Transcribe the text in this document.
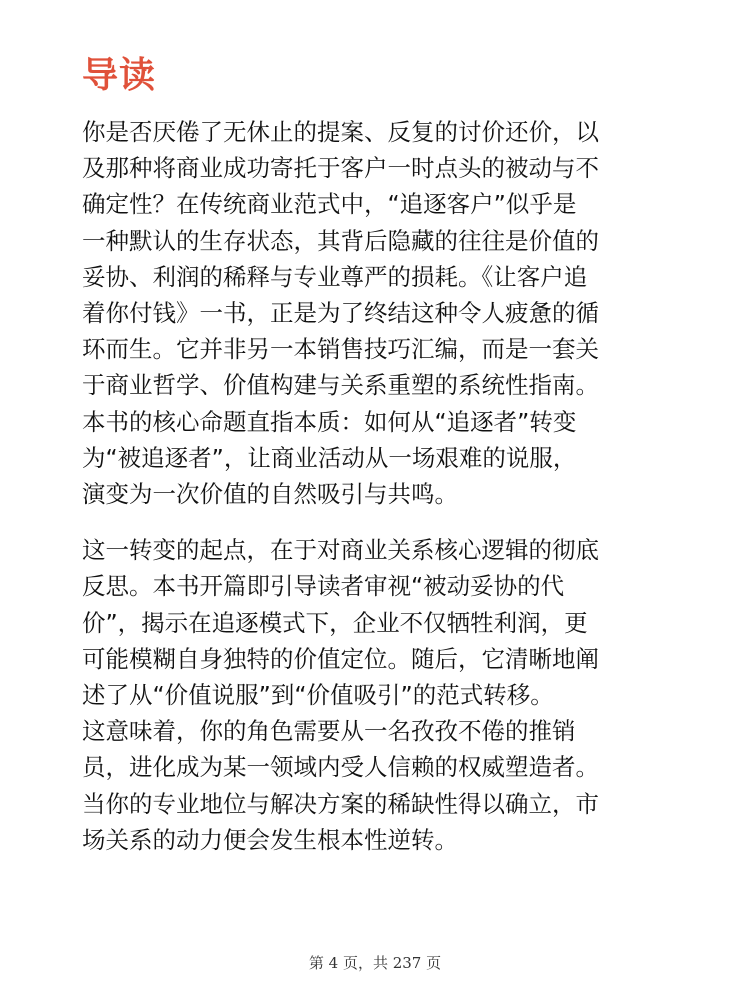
导读

你是否厌倦了无休止的提案、反复的讨价还价，以
及那种将商业成功寄托于客户一时点头的被动与不
确定性？在传统商业范式中，“追逐客户”似乎是
一种默认的生存状态，其背后隐藏的往往是价值的
妥协、利润的稀释与专业尊严的损耗。《让客户追
着你付钱》一书，正是为了终结这种令人疲惫的循
环而生。它并非另一本销售技巧汇编，而是一套关
于商业哲学、价值构建与关系重塑的系统性指南。
本书的核心命题直指本质：如何从“追逐者”转变
为“被追逐者”，让商业活动从一场艰难的说服，
演变为一次价值的自然吸引与共鸣。

这一转变的起点，在于对商业关系核心逻辑的彻底
反思。本书开篇即引导读者审视“被动妥协的代
价”，揭示在追逐模式下，企业不仅牺牲利润，更
可能模糊自身独特的价值定位。随后，它清晰地阐
述了从“价值说服”到“价值吸引”的范式转移。
这意味着，你的角色需要从一名孜孜不倦的推销
员，进化成为某一领域内受人信赖的权威塑造者。
当你的专业地位与解决方案的稀缺性得以确立，市
场关系的动力便会发生根本性逆转。

第 4 页，共 237 页
